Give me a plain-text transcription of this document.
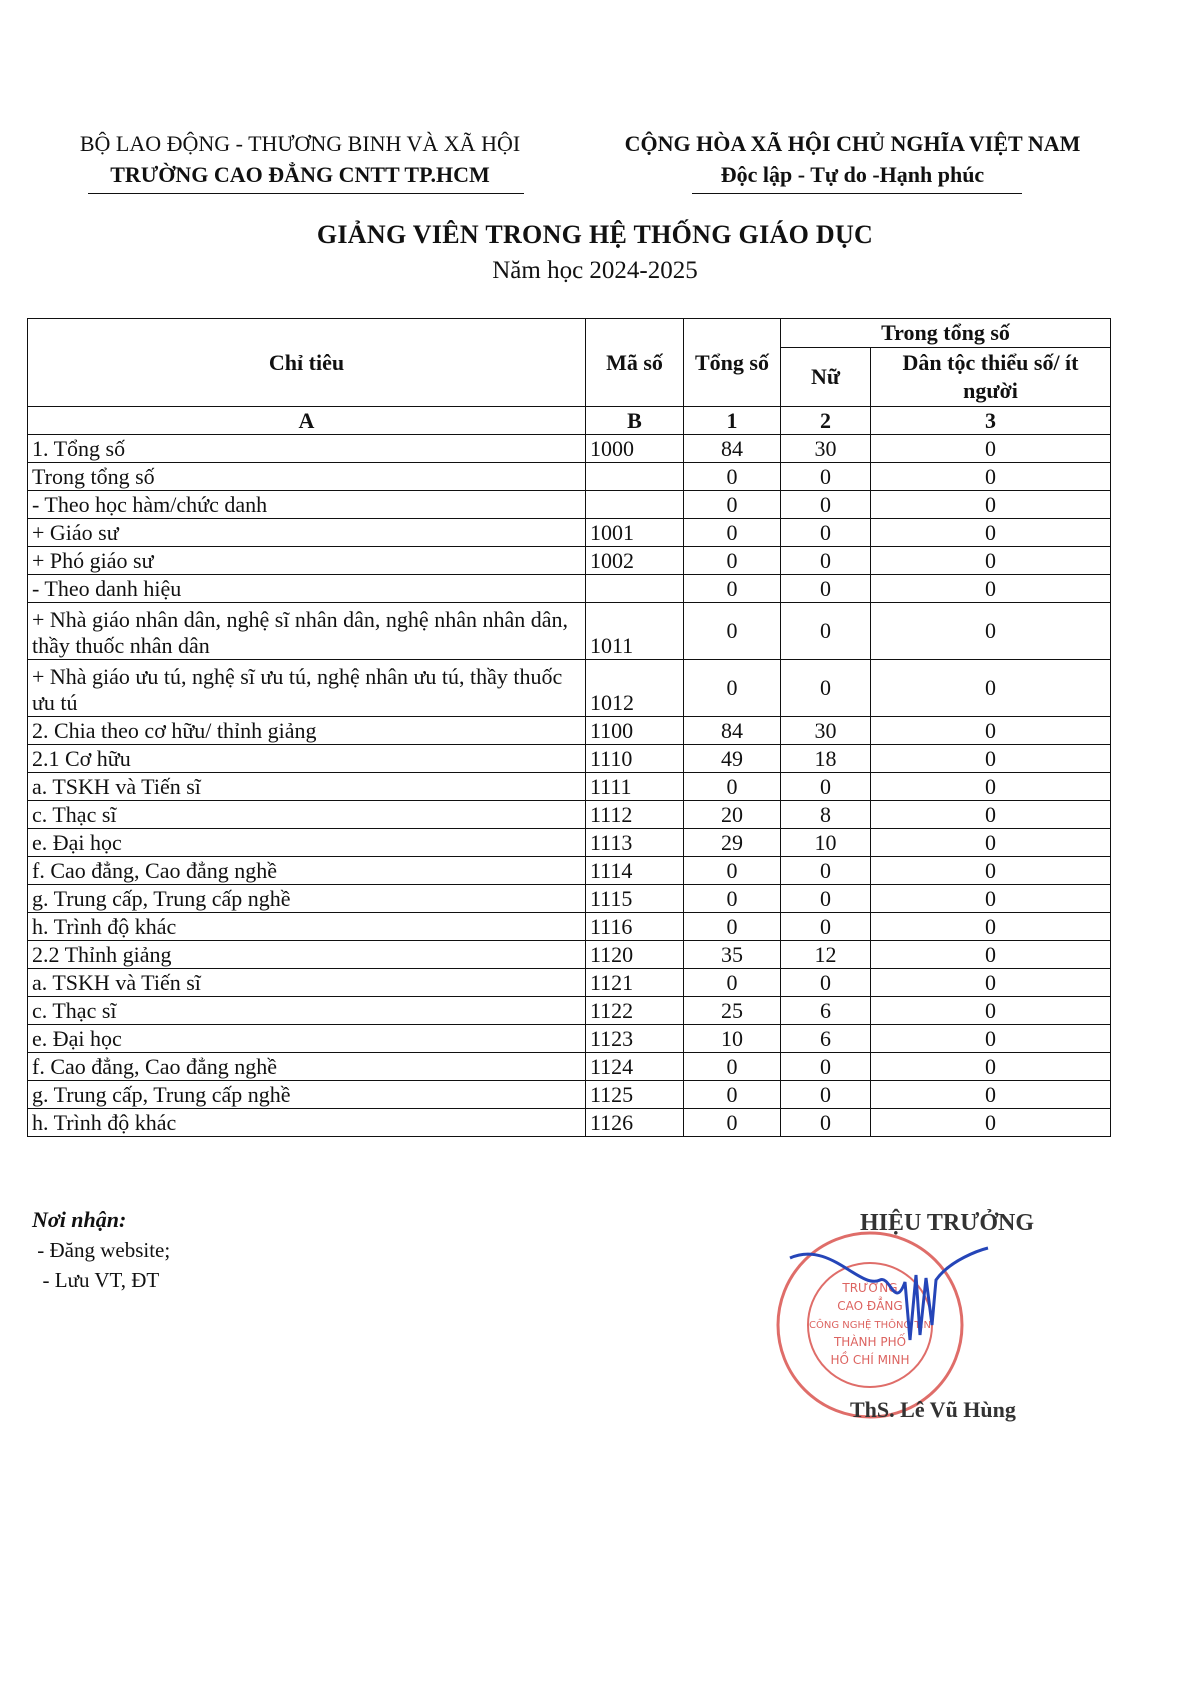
BỘ LAO ĐỘNG - THƯƠNG BINH VÀ XÃ HỘI
TRƯỜNG CAO ĐẲNG CNTT TP.HCM
CỘNG HÒA XÃ HỘI CHỦ NGHĨA VIỆT NAM
Độc lập - Tự do -Hạnh phúc
GIẢNG VIÊN TRONG HỆ THỐNG GIÁO DỤC
Năm học 2024-2025
Chỉ tiêu	Mã số	Tổng số	Trong tổng số	
			Nữ	Dân tộc thiểu số/ ít người
A	B	1	2	3
1. Tổng số	1000	84	30	0
Trong tổng số		0	0	0
- Theo học hàm/chức danh		0	0	0
+ Giáo sư	1001	0	0	0
+ Phó giáo sư	1002	0	0	0
- Theo danh hiệu		0	0	0
+ Nhà giáo nhân dân, nghệ sĩ nhân dân, nghệ nhân nhân dân, thầy thuốc nhân dân	1011	0	0	0
+ Nhà giáo ưu tú, nghệ sĩ ưu tú, nghệ nhân ưu tú, thầy thuốc ưu tú	1012	0	0	0
2. Chia theo cơ hữu/ thỉnh giảng	1100	84	30	0
2.1 Cơ hữu	1110	49	18	0
a. TSKH và Tiến sĩ	1111	0	0	0
c. Thạc sĩ	1112	20	8	0
e. Đại học	1113	29	10	0
f. Cao đẳng, Cao đẳng nghề	1114	0	0	0
g. Trung cấp, Trung cấp nghề	1115	0	0	0
h. Trình độ khác	1116	0	0	0
2.2 Thỉnh giảng	1120	35	12	0
a. TSKH và Tiến sĩ	1121	0	0	0
c. Thạc sĩ	1122	25	6	0
e. Đại học	1123	10	6	0
f. Cao đẳng, Cao đẳng nghề	1124	0	0	0
g. Trung cấp, Trung cấp nghề	1125	0	0	0
h. Trình độ khác	1126	0	0	0
Nơi nhận:
- Đăng website;
- Lưu VT, ĐT	TRƯỜNG
CAO ĐẲNG
CÔNG NGHỆ THÔNG TIN
THÀNH PHỐ
HỒ CHÍ MINH
HIỆU TRƯỞNG
ThS. Lê Vũ Hùng
